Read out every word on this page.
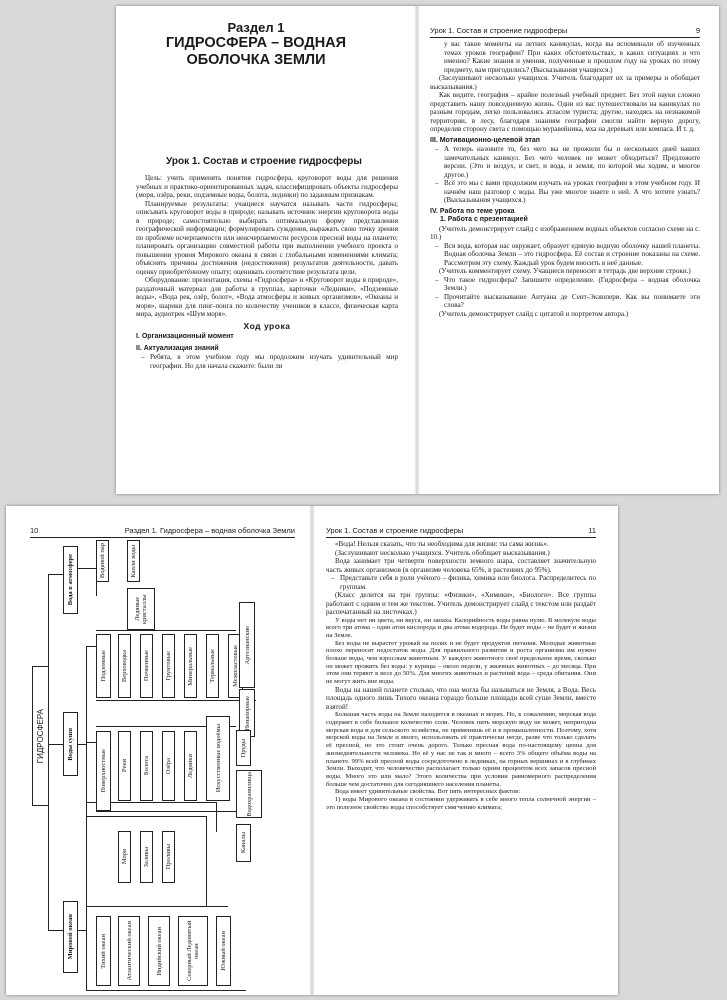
Раздел 1
ГИДРОСФЕРА – ВОДНАЯ
ОБОЛОЧКА ЗЕМЛИ
Урок 1. Состав и строение гидросферы

Цель: учить применять понятия гидросфера, круговорот воды для решения учебных и практико-ориентированных задач, классифицировать объекты гидросферы (моря, озёра, реки, подземные воды, болота, ледники) по заданным признакам.

Планируемые результаты: учащиеся научатся называть части гидросферы; описывать круговорот воды в природе; называть источник энергии круговорота воды в природе; самостоятельно выбирать оптимальную форму представления географической информации; формулировать суждения, выражать свою точку зрения по проблеме исчерпаемости или неисчерпаемости ресурсов пресной воды на планете; планировать организацию совместной работы при выполнении учебного проекта о повышении уровня Мирового океана в связи с глобальными изменениями климата; объяснять причины достижения (недостижения) результатов деятельности, давать оценку приобретённому опыту; оценивать соответствие результата цели.

Оборудование: презентация, схемы «Гидросфера» и «Круговорот воды в природе», раздаточный материал для работы в группах, карточки «Ледники», «Подземные воды», «Вода рек, озёр, болот», «Вода атмосферы и живых организмов», «Океаны и моря», шарики для пинг-понга по количеству учеников в классе, физическая карта мира, аудиотрек «Шум моря».

Ход урока

I. Организационный момент

II. Актуализация знаний

– Ребята, в этом учебном году мы продолжим изучать удивительный мир географии. Но для начала скажите: были ли

Урок 1. Состав и строение гидросферы	9

у вас такие моменты на летних каникулах, когда вы вспоминали об изученных темах уроков географии? При каких обстоятельствах, в каких ситуациях и что именно? Какие знания и умения, полученные в прошлом году на уроках по этому предмету, вам пригодились? (Высказывания учащихся.)

(Заслушивают несколько учащихся. Учитель благодарит их за примеры и обобщает высказывания.)

Как видите, география – крайне полезный учебный предмет. Без этой науки сложно представить нашу повседневную жизнь. Одни из вас путешествовали на каникулах по разным городам, легко пользовались атласом туриста; другие, находясь на незнакомой территории, в лесу, благодаря знаниям географии смогли найти верную дорогу, определив сторону света с помощью муравейника, мха на деревьях или компаса. И т. д.

III. Мотивационно-целевой этап

– А теперь назовите то, без чего вы не прожили бы и нескольких дней ваших замечательных каникул. Без чего человек не может обходиться? Предложите версии. (Это и воздух, и свет, и вода, и земля, по которой мы ходим, и многое другое.)

– Всё это мы с вами продолжим изучать на уроках географии в этом учебном году. И начнём наш разговор с воды. Вы уже многое знаете о ней. А что хотите узнать? (Высказывания учащихся.)

IV. Работа по теме урока

1. Работа с презентацией

(Учитель демонстрирует слайд с изображением водных объектов согласно схеме на с. 10.)

– Вся вода, которая нас окружает, образует единую водную оболочку нашей планеты. Водная оболочка Земли – это гидросфера. Её состав и строение показаны на схеме. Рассмотрим эту схему. Каждый урок будем вносить в неё данные.

(Учитель комментирует схему. Учащиеся переносят в тетрадь две верхние строки.)

– Что такое гидросфера? Запишите определение. (Гидросфера – водная оболочка Земли.)

– Прочитайте высказывание Антуана де Сент-Экзюпери. Как вы понимаете эти слова?

(Учитель демонстрирует слайд с цитатой и портретом автора.)

10	Раздел 1. Гидросфера – водная оболочка Земли
ГИДРОСФЕРА
Вода в атмосфере	Водяной пар	Капли воды
Ледяные кристаллы
Воды суши
Подземные Верховодка Почвенные Грунтовые Минеральные Термальные Межпластовые
Артезианские
Ненапорные
Поверхностные Реки Болота Озёра Ледники	Искусственные водоёмы	Пруды
Водохранилища
Каналы
Моря Заливы Проливы
Мировой океан	Тихий океан	Атлантический океан	Индийский океан	Северный Ледовитый океан	Южный океан
Урок 1. Состав и строение гидросферы	11

«Вода! Нельзя сказать, что ты необходима для жизни: ты сама жизнь».

(Заслушивают несколько учащихся. Учитель обобщает высказывания.)

Вода занимает три четверти поверхности земного шара, составляет значительную часть живых организмов (в организме человека 65%, в растениях до 95%).

– Представьте себя в роли учёного – физика, химика или биолога. Распределитесь по группам.

(Класс делится на три группы: «Физики», «Химики», «Биологи». Все группы работают с одним и тем же текстом. Учитель демонстрирует слайд с текстом или раздаёт распечатанный на листочках.)

У воды нет ни цвета, ни вкуса, ни запаха. Калорийность воды равна нулю. В молекуле воды всего три атома – один атом кислорода и два атома водорода. Не будет воды – не будет и жизни на Земле.

Без воды не вырастет урожай на полях и не будет продуктов питания. Молодые животные плохо переносят недостаток воды. Для правильного развития и роста организма им нужно больше воды, чем взрослым животным. У каждого животного своё предельное время, сколько он может прожить без воды: у курицы – около недели, у жвачных животных – до месяца. При этом они теряют в весе до 50%. Для многих животных и растений вода – среда обитания. Они не могут жить вне воды.

Воды на нашей планете столько, что она могла бы называться не Земля, а Вода. Весь площадь одного лишь Тихого океана гораздо больше площади всей суши Земли, вместе взятой!

Большая часть воды на Земле находится в океанах и морях. Но, к сожалению, морская вода содержит в себе большое количество соли. Человек пить морскую воду не может, непригодна морская вода и для сельского хозяйства, не применишь её и в промышленности. Поэтому, хотя морской воды на Земле и много, использовать её практически негде, разве что только сделать её пресной, но это стоит очень дорого. Только пресная вода по-настоящему ценна для жизнедеятельности человека. Но её у нас не так и много – всего 3% общего объёма воды на планете. 99% всей пресной воды сосредоточено в ледниках, на горных вершинах и в глубинах Земли. Выходит, что человечество располагает только одним процентом всех запасов пресной воды. Много это или мало? Этого количества при условии равномерного распределения больше чем достаточно для сегодняшнего населения планеты.

Вода имеет удивительные свойства. Вот пять интересных фактов:

1) воды Мирового океана в состоянии удерживать в себе много тепла солнечной энергии – это полезное свойство воды способствует смягчению климата;
